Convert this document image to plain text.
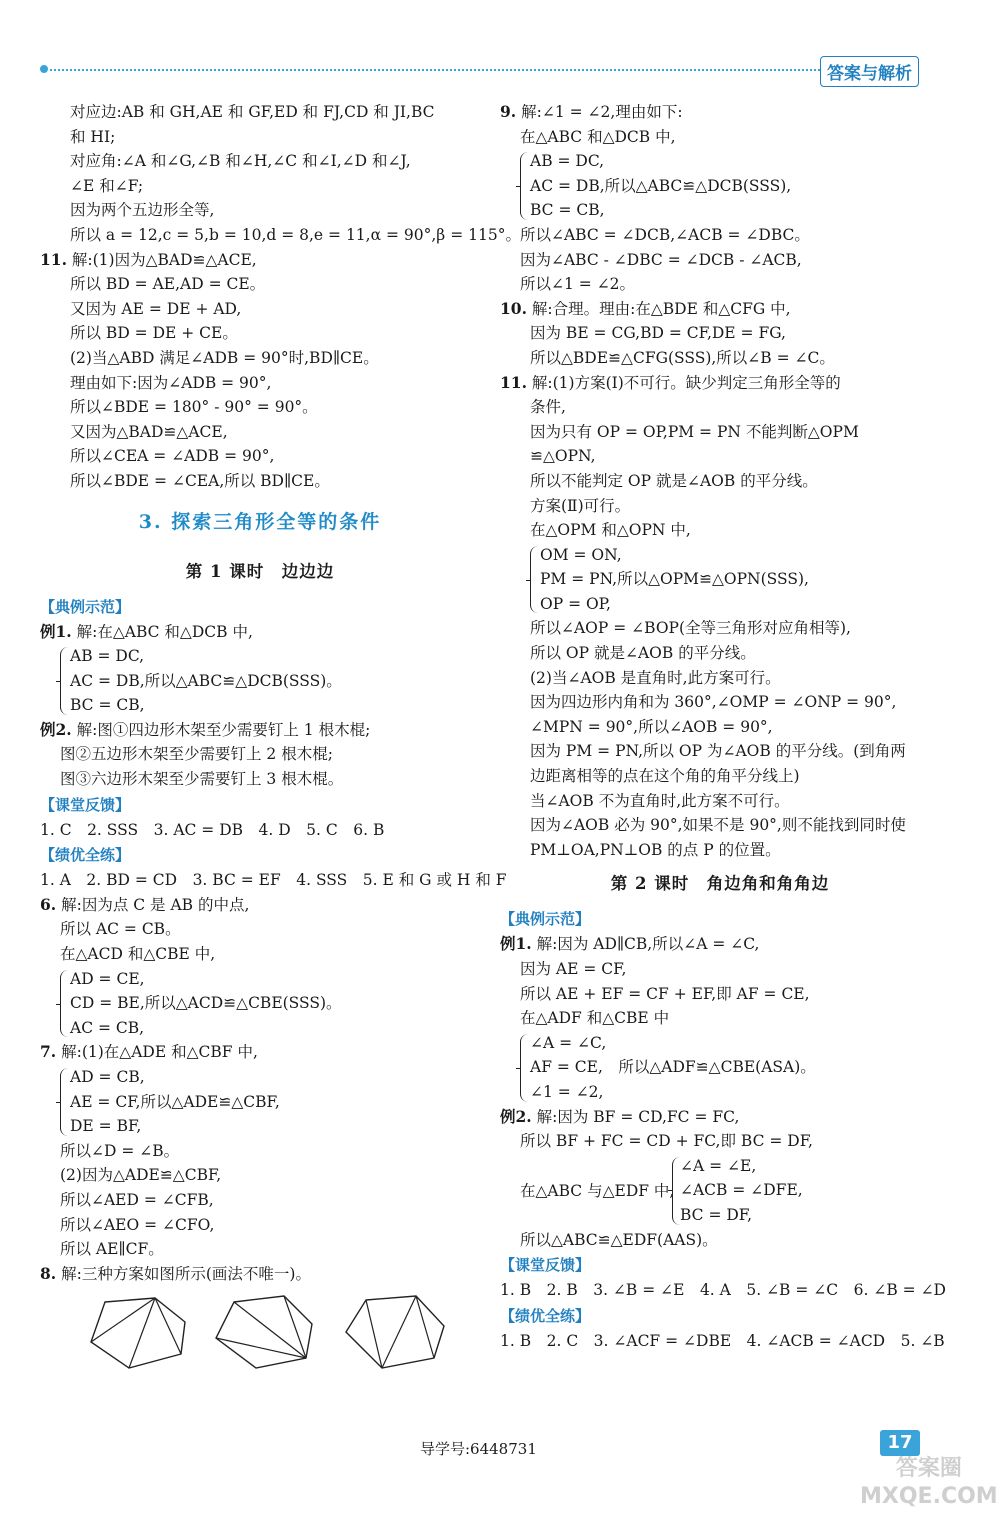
答案与解析
对应边:AB 和 GH,AE 和 GF,ED 和 FJ,CD 和 JI,BC
和 HI;
对应角:∠A 和∠G,∠B 和∠H,∠C 和∠I,∠D 和∠J,
∠E 和∠F;
因为两个五边形全等,
所以 a = 12,c = 5,b = 10,d = 8,e = 11,α = 90°,β = 115°。
11. 解:(1)因为△BAD≌△ACE,
所以 BD = AE,AD = CE。
又因为 AE = DE + AD,
所以 BD = DE + CE。
(2)当△ABD 满足∠ADB = 90°时,BD∥CE。
理由如下:因为∠ADB = 90°,
所以∠BDE = 180° - 90° = 90°。
又因为△BAD≌△ACE,
所以∠CEA = ∠ADB = 90°,
所以∠BDE = ∠CEA,所以 BD∥CE。
3. 探索三角形全等的条件
第 1 课时　边边边
【典例示范】
例1. 解:在△ABC 和△DCB 中,
AB = DC,
AC = DB,所以△ABC≌△DCB(SSS)。
BC = CB,
例2. 解:图①四边形木架至少需要钉上 1 根木棍;
图②五边形木架至少需要钉上 2 根木棍;
图③六边形木架至少需要钉上 3 根木棍。
【课堂反馈】
1. C　2. SSS　3. AC = DB　4. D　5. C　6. B
【绩优全练】
1. A　2. BD = CD　3. BC = EF　4. SSS　5. E 和 G 或 H 和 F
6. 解:因为点 C 是 AB 的中点,
所以 AC = CB。
在△ACD 和△CBE 中,
AD = CE,
CD = BE,所以△ACD≌△CBE(SSS)。
AC = CB,
7. 解:(1)在△ADE 和△CBF 中,
AD = CB,
AE = CF,所以△ADE≌△CBF,
DE = BF,
所以∠D = ∠B。
(2)因为△ADE≌△CBF,
所以∠AED = ∠CFB,
所以∠AEO = ∠CFO,
所以 AE∥CF。
8. 解:三种方案如图所示(画法不唯一)。
9. 解:∠1 = ∠2,理由如下:
在△ABC 和△DCB 中,
AB = DC,
AC = DB,所以△ABC≌△DCB(SSS),
BC = CB,
所以∠ABC = ∠DCB,∠ACB = ∠DBC。
因为∠ABC - ∠DBC = ∠DCB - ∠ACB,
所以∠1 = ∠2。
10. 解:合理。理由:在△BDE 和△CFG 中,
因为 BE = CG,BD = CF,DE = FG,
所以△BDE≌△CFG(SSS),所以∠B = ∠C。
11. 解:(1)方案(Ⅰ)不可行。缺少判定三角形全等的
条件,
因为只有 OP = OP,PM = PN 不能判断△OPM
≌△OPN,
所以不能判定 OP 就是∠AOB 的平分线。
方案(Ⅱ)可行。
在△OPM 和△OPN 中,
OM = ON,
PM = PN,所以△OPM≌△OPN(SSS),
OP = OP,
所以∠AOP = ∠BOP(全等三角形对应角相等),
所以 OP 就是∠AOB 的平分线。
(2)当∠AOB 是直角时,此方案可行。
因为四边形内角和为 360°,∠OMP = ∠ONP = 90°,
∠MPN = 90°,所以∠AOB = 90°,
因为 PM = PN,所以 OP 为∠AOB 的平分线。(到角两
边距离相等的点在这个角的角平分线上)
当∠AOB 不为直角时,此方案不可行。
因为∠AOB 必为 90°,如果不是 90°,则不能找到同时使
PM⊥OA,PN⊥OB 的点 P 的位置。
第 2 课时　角边角和角角边
【典例示范】
例1. 解:因为 AD∥CB,所以∠A = ∠C,
因为 AE = CF,
所以 AE + EF = CF + EF,即 AF = CE,
在△ADF 和△CBE 中
∠A = ∠C,
AF = CE,　所以△ADF≌△CBE(ASA)。
∠1 = ∠2,
例2. 解:因为 BF = CD,FC = FC,
所以 BF + FC = CD + FC,即 BC = DF,
在△ABC 与△EDF 中,
∠A = ∠E,
∠ACB = ∠DFE,
BC = DF,
所以△ABC≌△EDF(AAS)。
【课堂反馈】
1. B　2. B　3. ∠B = ∠E　4. A　5. ∠B = ∠C　6. ∠B = ∠D
【绩优全练】
1. B　2. C　3. ∠ACF = ∠DBE　4. ∠ACB = ∠ACD　5. ∠B
导学号:6448731	17
答案圈
MXQE.COM
